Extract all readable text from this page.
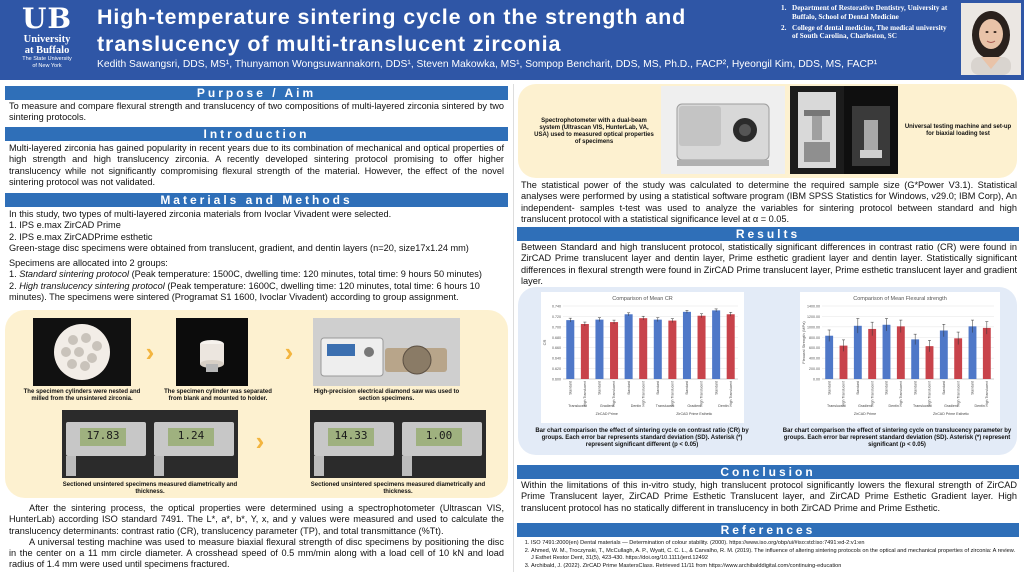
UB
University
at Buffalo
The State University
of New York
High-temperature sintering cycle on the strength and
translucency of multi-translucent zirconia
Kedith Sawangsri, DDS, MS¹, Thunyamon Wongsuwannakorn, DDS¹, Steven Makowka, MS¹, Sompop Bencharit, DDS, MS, Ph.D., FACP², Hyeongil Kim, DDS, MS, FACP¹
1. Department of Restorative Dentistry, University at Buffalo, School of Dental Medicine
2. College of dental medicine, The medical university of South Carolina, Charleston, SC
Purpose / Aim
To measure and compare flexural strength and translucency of two compositions of multi-layered zirconia sintered by two sintering protocols.
Introduction
Multi-layered zirconia has gained popularity in recent years due to its combination of mechanical and optical properties of high strength and high translucency zirconia. A recently developed sintering protocol promising to offer higher translucency while not significantly compromising flexural strength of the material. However, the effect of the novel sintering protocol was not validated.
Materials and Methods

In this study, two types of multi-layered zirconia materials from Ivoclar Vivadent were selected.

1. IPS e.max ZirCAD Prime

2. IPS e.max ZirCADPrime esthetic

Green-stage disc specimens were obtained from translucent, gradient, and dentin layers (n=20, size17x1.24 mm)

Specimens are allocated into 2 groups:

1. Standard sintering protocol (Peak temperature: 1500C, dwelling time: 120 minutes, total time: 9 hours 50 minutes)

2. High translucency sintering protocol (Peak temperature: 1600C, dwelling time: 120 minutes, total time: 6 hours 10 minutes). The specimens were sintered (Programat S1 1600, Ivoclar Vivadent) according to group assignment.

The specimen cylinders were nested and milled from the unsintered zirconia.
›
The specimen cylinder was separated from blank and mounted to holder.
›
High-precision electrical diamond saw was used to section specimens.
17.83	1.24
Sectioned unsintered specimens measured diametrically and thickness.
›	14.33	1.00
Sectioned unsintered specimens measured diametrically and thickness.

After the sintering process, the optical properties were determined using a spectrophotometer (Ultrascan VIS, HunterLab) according ISO standard 7491. The L*, a*, b*, Y, x, and y values were measured and used to calculate the translucency determinants: contrast ratio (CR), translucency parameter (TP), and total transmittance (%Tt).

A universal testing machine was used to measure biaxial flexural strength of disc specimens by positioning the disc in the center on a 11 mm circle diameter. A crosshead speed of 0.5 mm/min along with a load cell of 10 kN and load radius of 1.4 mm were used until specimens fractured.

Spectrophotometer with a dual-beam system (Ultrascan VIS, HunterLab, VA, USA) used to measured optical properties of specimens
Universal testing machine and set-up for biaxial loading test
The statistical power of the study was calculated to determine the required sample size (G*Power V3.1). Statistical analyses were performed by using a statistical software program (IBM SPSS Statistics for Windows, v29.0; IBM Corp), An independent- samples t-test was used to analyze the variables for sintering protocol between standard and high translucent protocol with a statistical significance level at α = 0.05.
Results
Between Standard and high translucent protocol, statistically significant differences in contrast ratio (CR) were found in ZirCAD Prime translucent layer and dentin layer, Prime esthetic gradient layer and dentin layer. Statistically significant differences in flexural strength were found in ZirCAD Prime translucent layer, Prime esthetic translucent layer and gradient layer.
Comparison of Mean CR
0.600
0.620
0.640
0.660
0.680
0.700
0.720
0.740
CR
Standard	High Translucent	Standard	High Translucent	Standard	High Translucent	Standard	High Translucent	Standard	High Translucent	Standard	High Translucent
Translucent	Gradient	Dentin	Translucent	Gradient	Dentin
ZirCAD Prime	ZirCAD Prime Esthetic
Bar chart comparison the effect of sintering cycle on contrast ratio (CR) by groups. Each error bar represents standard deviation (SD). Asterisk (*) represent significant different (p < 0.05)
Comparison of Mean Flexural strength
0.00
200.00
400.00
600.00
800.00
1000.00
1200.00
1400.00
Flexural Strength (MPa)
Standard	High Translucent	Standard	High Translucent	Standard	High Translucent	Standard	High Translucent	Standard	High Translucent	Standard	High Translucent
Translucent	Gradient	Dentin	Translucent	Gradient	Dentin
ZirCAD Prime	ZirCAD Prime Esthetic
Bar chart comparison the effect of sintering cycle on translucency parameter by groups. Each error bar represent standard deviation (SD). Asterisk (*) represent significant (p < 0.05)
Conclusion
Within the limitations of this in-vitro study, high translucent protocol significantly lowers the flexural strength of ZirCAD Prime Translucent layer, ZirCAD Prime Esthetic Translucent layer, and ZirCAD Prime Esthetic Gradient layer. High translucent protocol has no statically different in translucency in both ZirCAD Prime and Prime Esthetic.
References
1. ISO 7491:2000(en) Dental materials — Determination of colour stability. (2000). https://www.iso.org/obp/ui/#iso:std:iso:7491:ed-2:v1:en
2. Ahmed, W. M., Troczynski, T., McCullagh, A. P., Wyatt, C. C. L., & Carvalho, R. M. (2019). The influence of altering sintering protocols on the optical and mechanical properties of zirconia: A review. J Esthet Restor Dent, 31(5), 423-430. https://doi.org/10.1111/jerd.12492
3. Archibald, J. (2022). ZirCAD Prime MastersClass. Retrieved 11/11 from https://www.archibalddigital.com/continuing-education
